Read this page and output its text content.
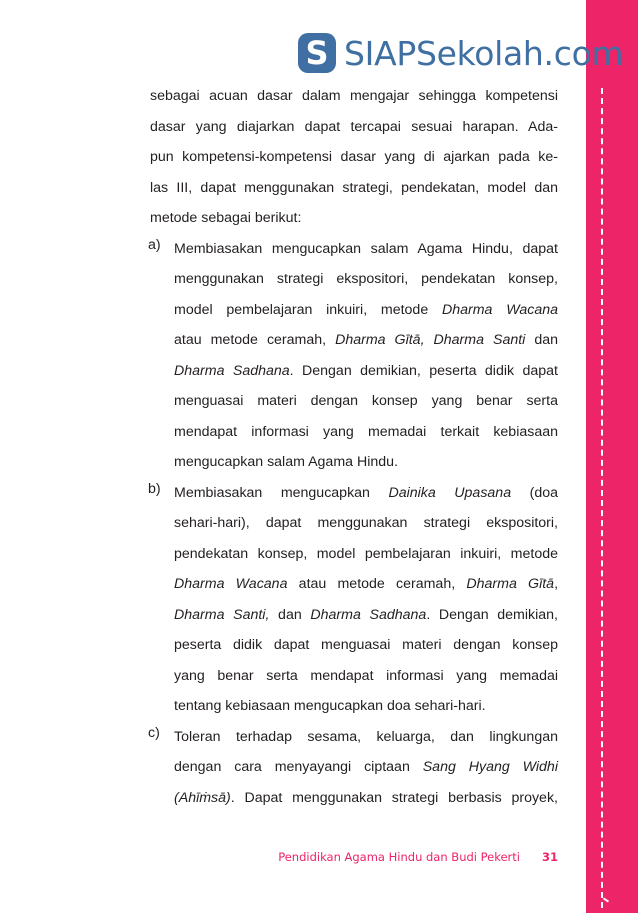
S SIAPSekolah.com
sebagai acuan dasar dalam mengajar sehingga kompetensi
dasar yang diajarkan dapat tercapai sesuai harapan. Ada-
pun kompetensi-kompetensi dasar yang di ajarkan pada ke-
las III, dapat menggunakan strategi, pendekatan, model dan
metode sebagai berikut:
a) Membiasakan mengucapkan salam Agama Hindu, dapat
menggunakan strategi ekspositori, pendekatan konsep,
model pembelajaran inkuiri, metode Dharma Wacana
atau metode ceramah, Dharma Gītā, Dharma Santi dan
Dharma Sadhana. Dengan demikian, peserta didik dapat
menguasai materi dengan konsep yang benar serta
mendapat informasi yang memadai terkait kebiasaan
mengucapkan salam Agama Hindu.
b) Membiasakan mengucapkan Dainika Upasana (doa
sehari-hari), dapat menggunakan strategi ekspositori,
pendekatan konsep, model pembelajaran inkuiri, metode
Dharma Wacana atau metode ceramah, Dharma Gītā,
Dharma Santi, dan Dharma Sadhana. Dengan demikian,
peserta didik dapat menguasai materi dengan konsep
yang benar serta mendapat informasi yang memadai
tentang kebiasaan mengucapkan doa sehari-hari.
c) Toleran terhadap sesama, keluarga, dan lingkungan
dengan cara menyayangi ciptaan Sang Hyang Widhi
(Ahīṁsā). Dapat menggunakan strategi berbasis proyek,
Pendidikan Agama Hindu dan Budi Pekerti 31
